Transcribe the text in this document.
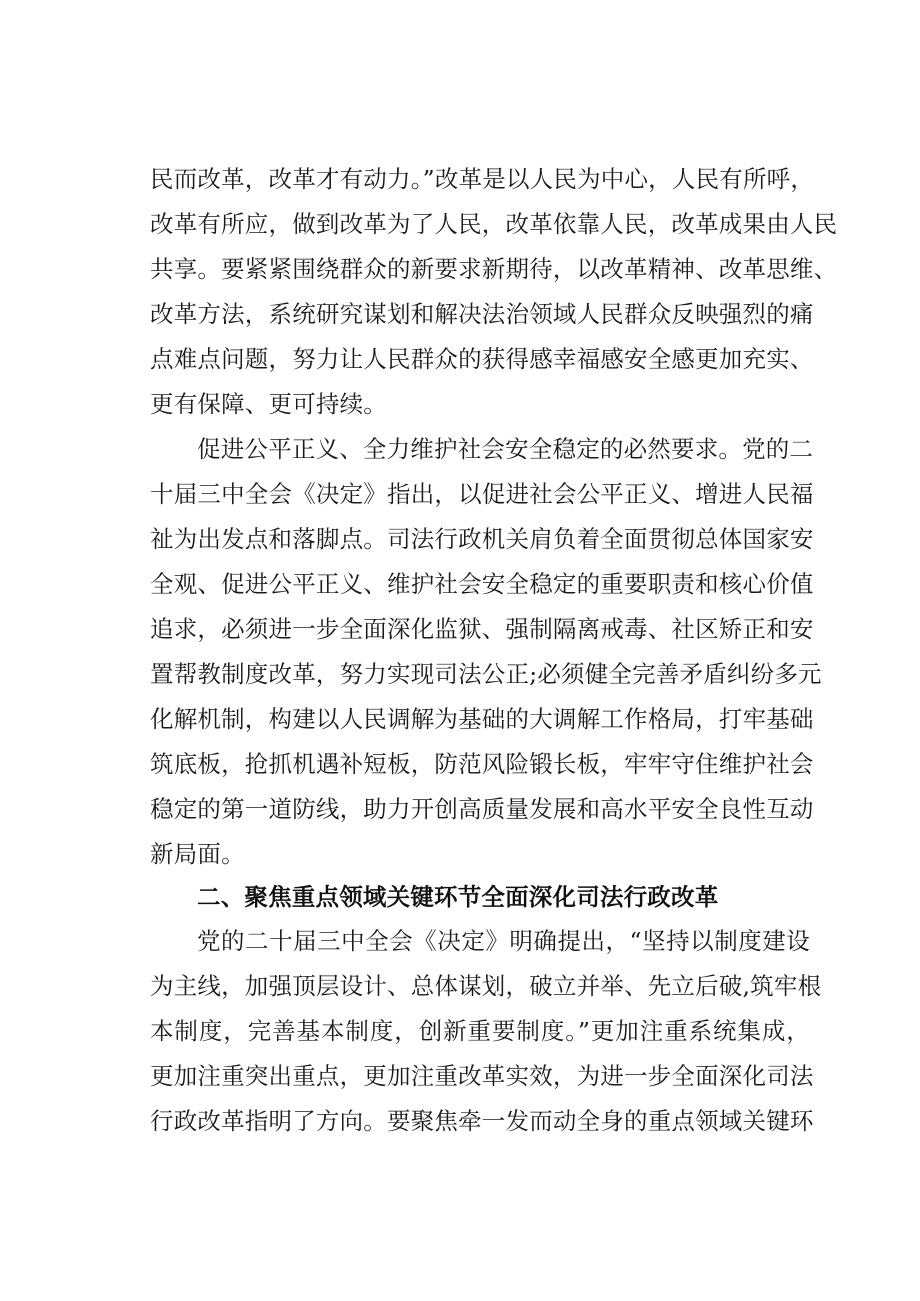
民而改革，改革才有动力。”改革是以人民为中心，人民有所呼，
改革有所应，做到改革为了人民，改革依靠人民，改革成果由人民
共享。要紧紧围绕群众的新要求新期待，以改革精神、改革思维、
改革方法，系统研究谋划和解决法治领域人民群众反映强烈的痛
点难点问题，努力让人民群众的获得感幸福感安全感更加充实、
更有保障、更可持续。
促进公平正义、全力维护社会安全稳定的必然要求。党的二
十届三中全会《决定》指出，以促进社会公平正义、增进人民福
祉为出发点和落脚点。司法行政机关肩负着全面贯彻总体国家安
全观、促进公平正义、维护社会安全稳定的重要职责和核心价值
追求，必须进一步全面深化监狱、强制隔离戒毒、社区矫正和安
置帮教制度改革，努力实现司法公正;必须健全完善矛盾纠纷多元
化解机制，构建以人民调解为基础的大调解工作格局，打牢基础
筑底板，抢抓机遇补短板，防范风险锻长板，牢牢守住维护社会
稳定的第一道防线，助力开创高质量发展和高水平安全良性互动
新局面。
二、聚焦重点领域关键环节全面深化司法行政改革
党的二十届三中全会《决定》明确提出，“坚持以制度建设
为主线，加强顶层设计、总体谋划，破立并举、先立后破,筑牢根
本制度，完善基本制度，创新重要制度。”更加注重系统集成，
更加注重突出重点，更加注重改革实效，为进一步全面深化司法
行政改革指明了方向。要聚焦牵一发而动全身的重点领域关键环
